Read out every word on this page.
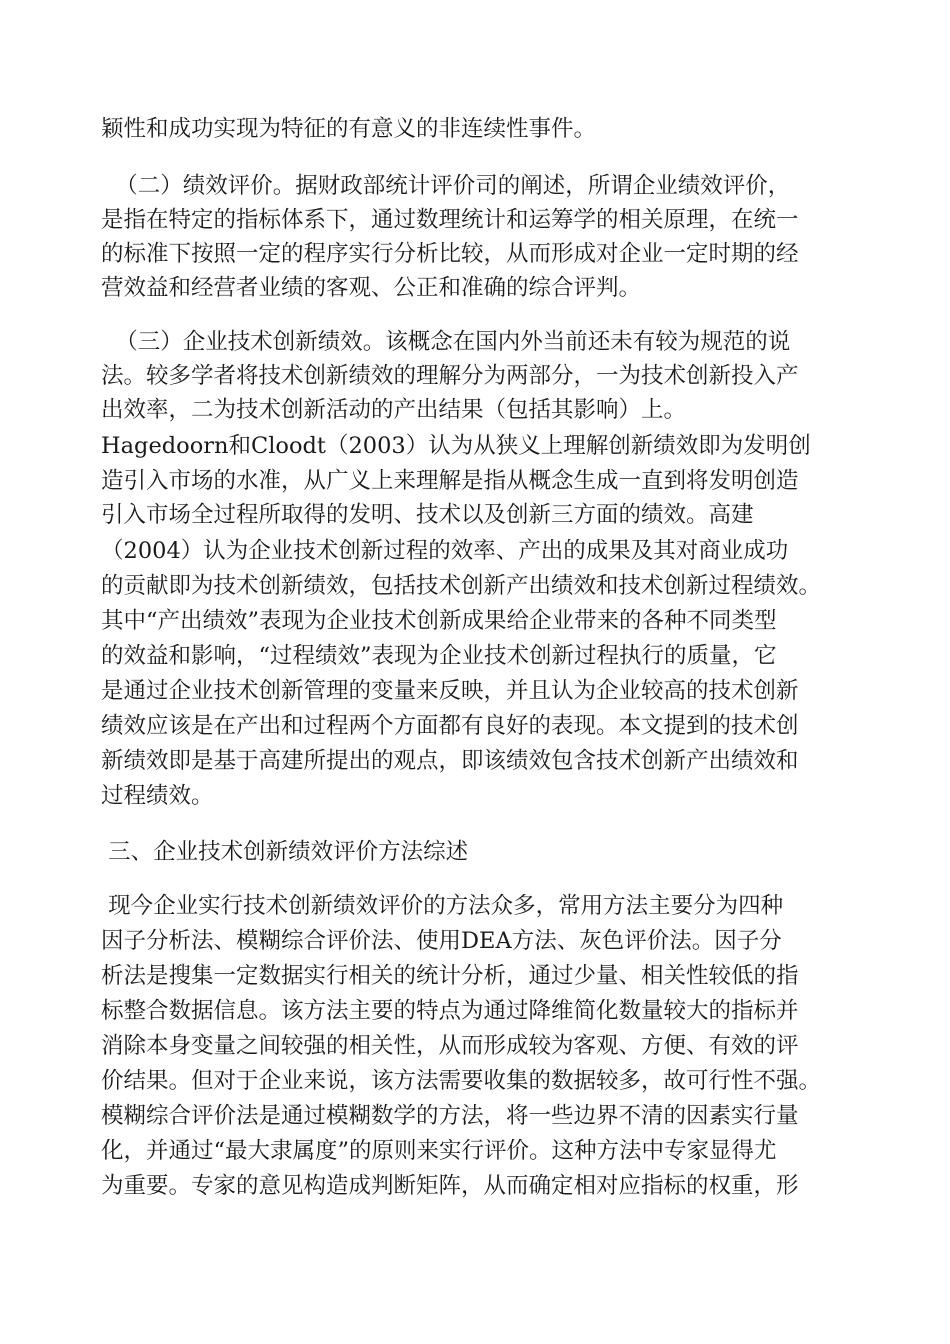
颖性和成功实现为特征的有意义的非连续性事件。
（二）绩效评价。据财政部统计评价司的阐述，所谓企业绩效评价，
是指在特定的指标体系下，通过数理统计和运筹学的相关原理，在统一
的标准下按照一定的程序实行分析比较，从而形成对企业一定时期的经
营效益和经营者业绩的客观、公正和准确的综合评判。
（三）企业技术创新绩效。该概念在国内外当前还未有较为规范的说
法。较多学者将技术创新绩效的理解分为两部分，一为技术创新投入产
出效率，二为技术创新活动的产出结果（包括其影响）上。
Hagedoorn和Cloodt（2003）认为从狭义上理解创新绩效即为发明创
造引入市场的水准，从广义上来理解是指从概念生成一直到将发明创造
引入市场全过程所取得的发明、技术以及创新三方面的绩效。高建
（2004）认为企业技术创新过程的效率、产出的成果及其对商业成功
的贡献即为技术创新绩效，包括技术创新产出绩效和技术创新过程绩效。
其中“产出绩效”表现为企业技术创新成果给企业带来的各种不同类型
的效益和影响，“过程绩效”表现为企业技术创新过程执行的质量，它
是通过企业技术创新管理的变量来反映，并且认为企业较高的技术创新
绩效应该是在产出和过程两个方面都有良好的表现。本文提到的技术创
新绩效即是基于高建所提出的观点，即该绩效包含技术创新产出绩效和
过程绩效。
三、企业技术创新绩效评价方法综述
现今企业实行技术创新绩效评价的方法众多，常用方法主要分为四种
因子分析法、模糊综合评价法、使用DEA方法、灰色评价法。因子分
析法是搜集一定数据实行相关的统计分析，通过少量、相关性较低的指
标整合数据信息。该方法主要的特点为通过降维简化数量较大的指标并
消除本身变量之间较强的相关性，从而形成较为客观、方便、有效的评
价结果。但对于企业来说，该方法需要收集的数据较多，故可行性不强。
模糊综合评价法是通过模糊数学的方法，将一些边界不清的因素实行量
化，并通过“最大隶属度”的原则来实行评价。这种方法中专家显得尤
为重要。专家的意见构造成判断矩阵，从而确定相对应指标的权重，形
